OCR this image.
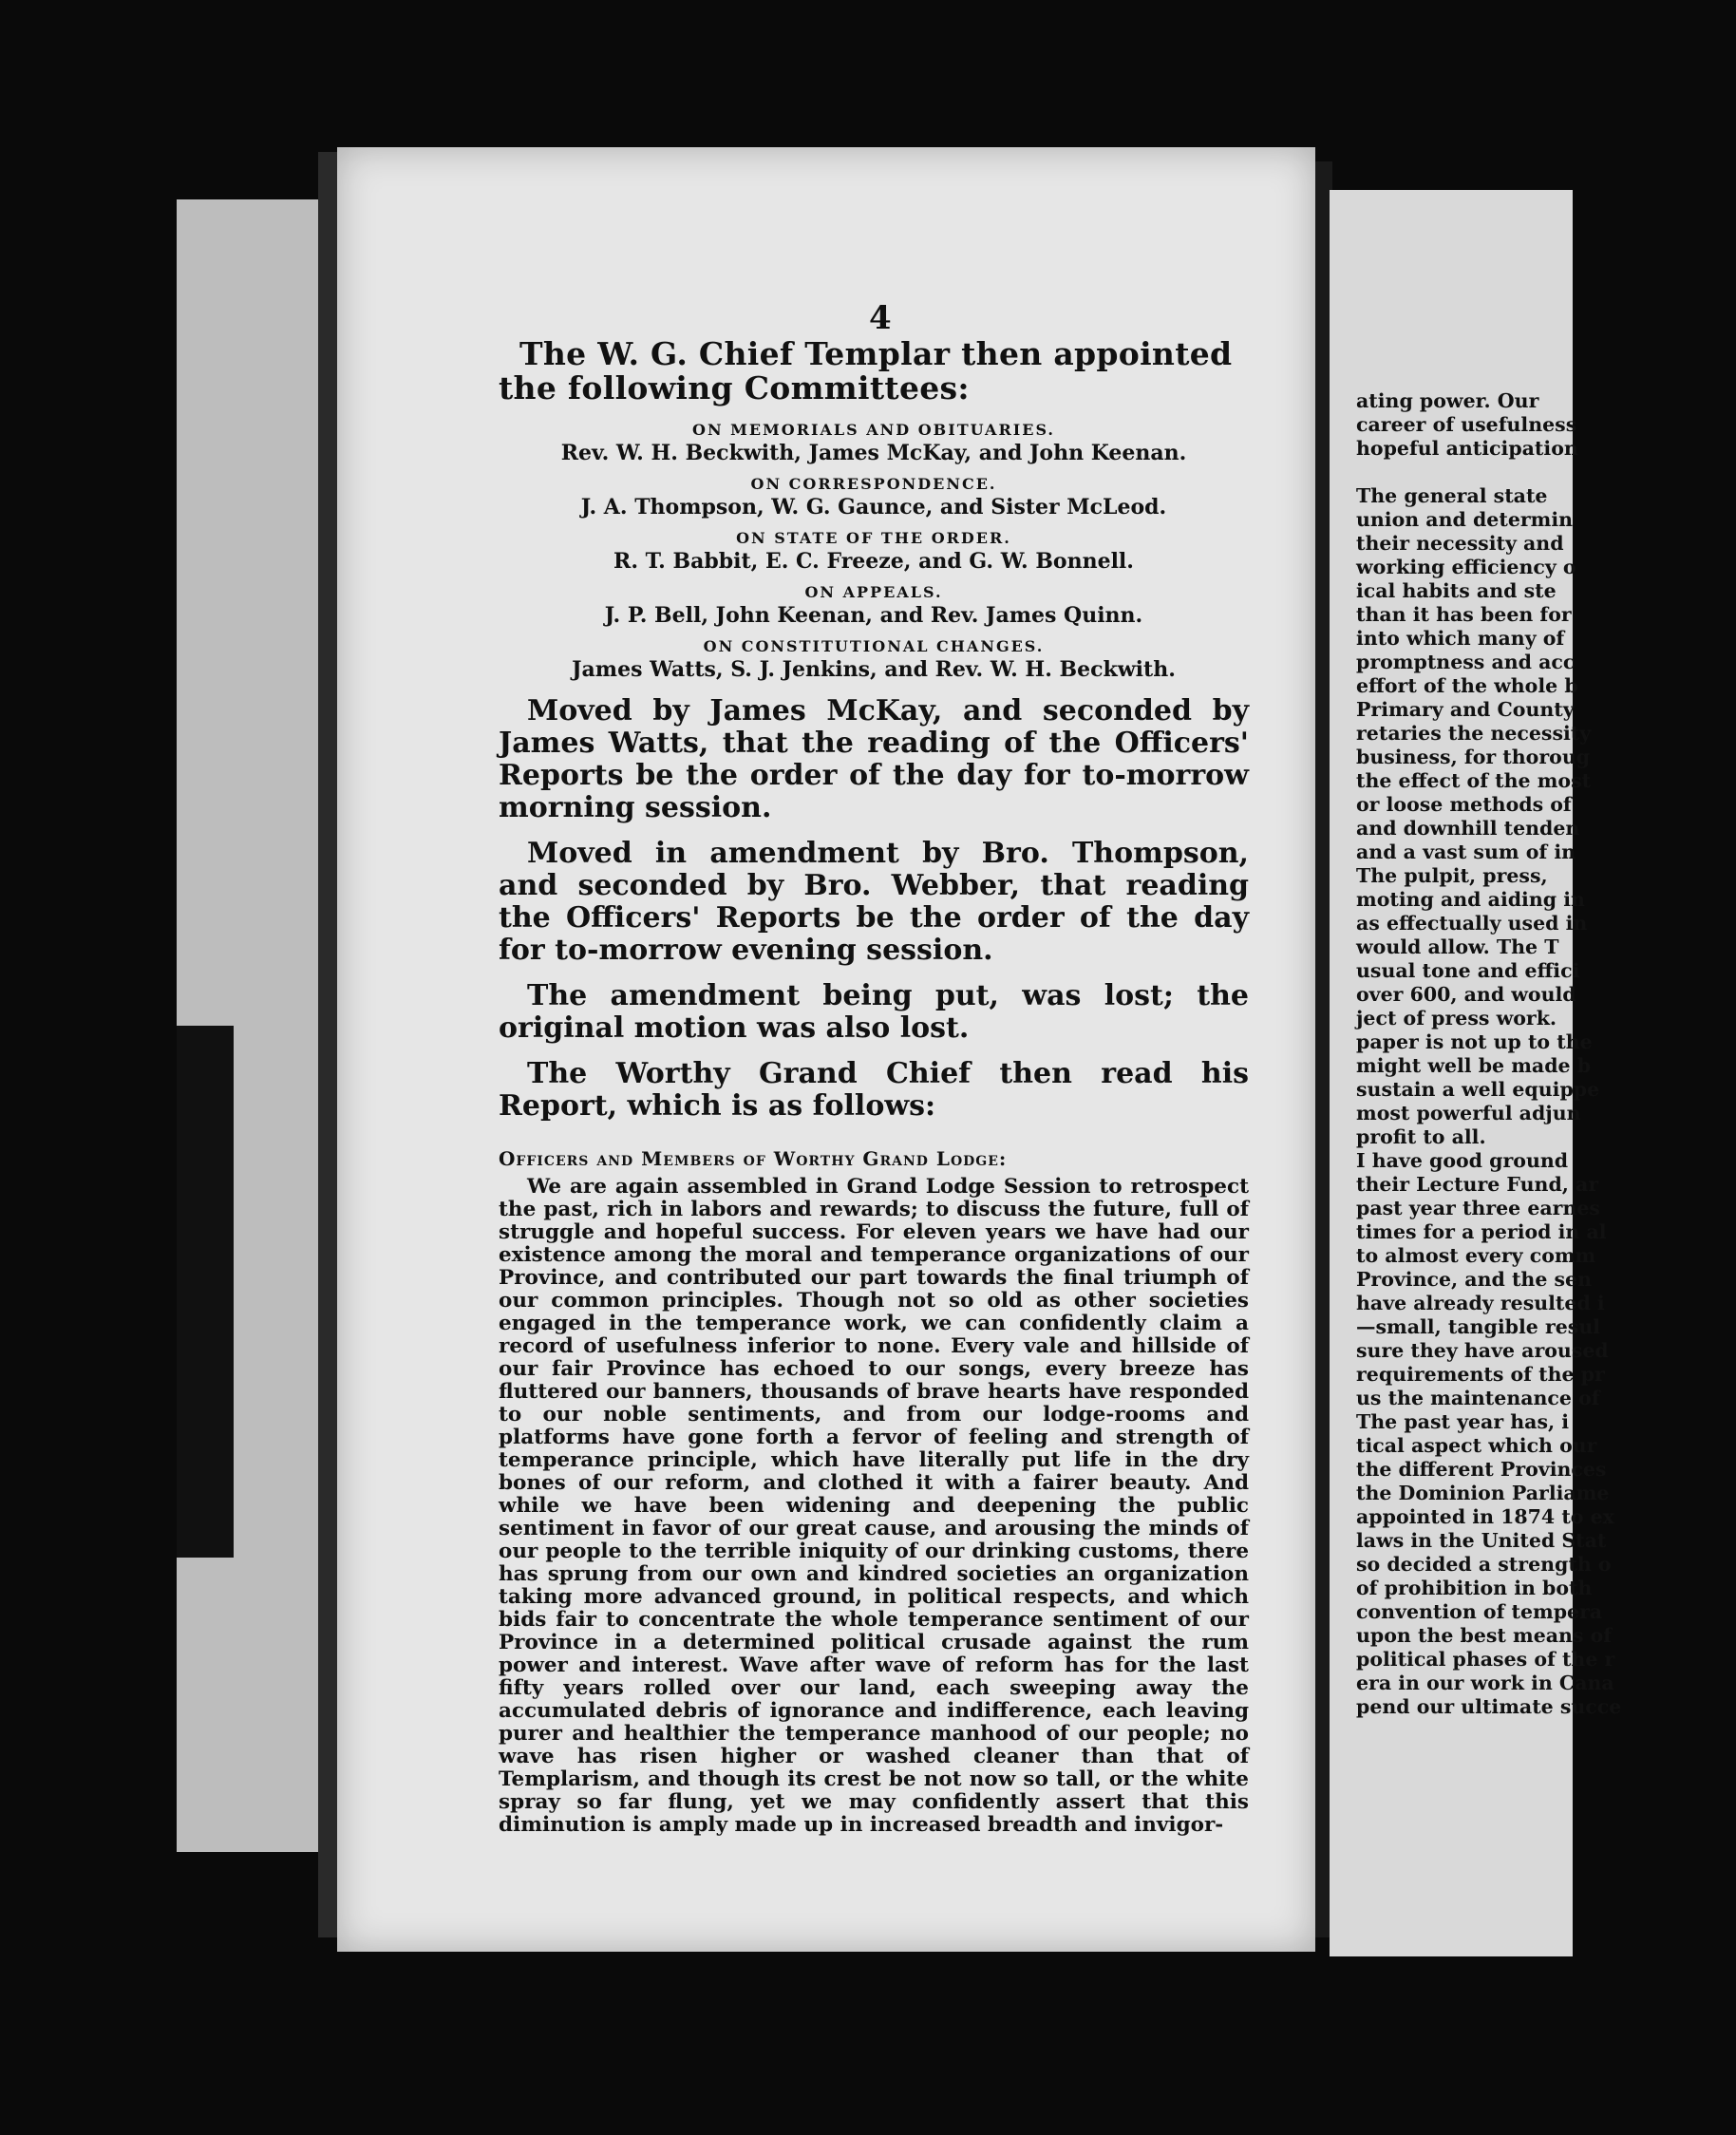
4

The W. G. Chief Templar then appointed the following Committees:

ON MEMORIALS AND OBITUARIES.

Rev. W. H. Beckwith, James McKay, and John Keenan.

ON CORRESPONDENCE.

J. A. Thompson, W. G. Gaunce, and Sister McLeod.

ON STATE OF THE ORDER.

R. T. Babbit, E. C. Freeze, and G. W. Bonnell.

ON APPEALS.

J. P. Bell, John Keenan, and Rev. James Quinn.

ON CONSTITUTIONAL CHANGES.

James Watts, S. J. Jenkins, and Rev. W. H. Beckwith.

Moved by James McKay, and seconded by James Watts, that the reading of the Officers' Reports be the order of the day for to-morrow morning session.

Moved in amendment by Bro. Thompson, and seconded by Bro. Webber, that reading the Officers' Reports be the order of the day for to-morrow evening session.

The amendment being put, was lost; the original motion was also lost.

The Worthy Grand Chief then read his Report, which is as follows:

Officers and Members of Worthy Grand Lodge:

We are again assembled in Grand Lodge Session to retrospect the past, rich in labors and rewards; to discuss the future, full of struggle and hopeful success. For eleven years we have had our existence among the moral and temperance organizations of our Province, and contributed our part towards the final triumph of our common principles. Though not so old as other societies engaged in the temperance work, we can confidently claim a record of usefulness inferior to none. Every vale and hillside of our fair Province has echoed to our songs, every breeze has fluttered our banners, thousands of brave hearts have responded to our noble sentiments, and from our lodge-rooms and platforms have gone forth a fervor of feeling and strength of temperance principle, which have literally put life in the dry bones of our reform, and clothed it with a fairer beauty. And while we have been widening and deepening the public sentiment in favor of our great cause, and arousing the minds of our people to the terrible iniquity of our drinking customs, there has sprung from our own and kindred societies an organization taking more advanced ground, in political respects, and which bids fair to concentrate the whole temperance sentiment of our Province in a determined political crusade against the rum power and interest. Wave after wave of reform has for the last fifty years rolled over our land, each sweeping away the accumulated debris of ignorance and indifference, each leaving purer and healthier the temperance manhood of our people; no wave has risen higher or washed cleaner than that of Templarism, and though its crest be not now so tall, or the white spray so far flung, yet we may confidently assert that this diminution is amply made up in increased breadth and invigor-

ating power. Our
career of usefulness
hopeful anticipation

The general state
union and determin
their necessity and
working efficiency o
ical habits and ste
than it has been for
into which many of
promptness and acc
effort of the whole b
Primary and County
retaries the necessity
business, for thoroug
the effect of the most
or loose methods of
and downhill tenden
and a vast sum of in
The pulpit, press,
moting and aiding in
as effectually used in
would allow. The T
usual tone and effici
over 600, and would
ject of press work.
paper is not up to the
might well be made b
sustain a well equippe
most powerful adjun
profit to all.
I have good ground
their Lecture Fund, ar
past year three earnes
times for a period in al
to almost every comm
Province, and the sen
have already resulted i
—small, tangible resul
sure they have aroused
requirements of the pr
us the maintenance of
The past year has, i
tical aspect which our
the different Provinces
the Dominion Parliame
appointed in 1874 to ex
laws in the United Stat
so decided a strength o
of prohibition in both
convention of tempera
upon the best means of
political phases of the r
era in our work in Cana
pend our ultimate succe
